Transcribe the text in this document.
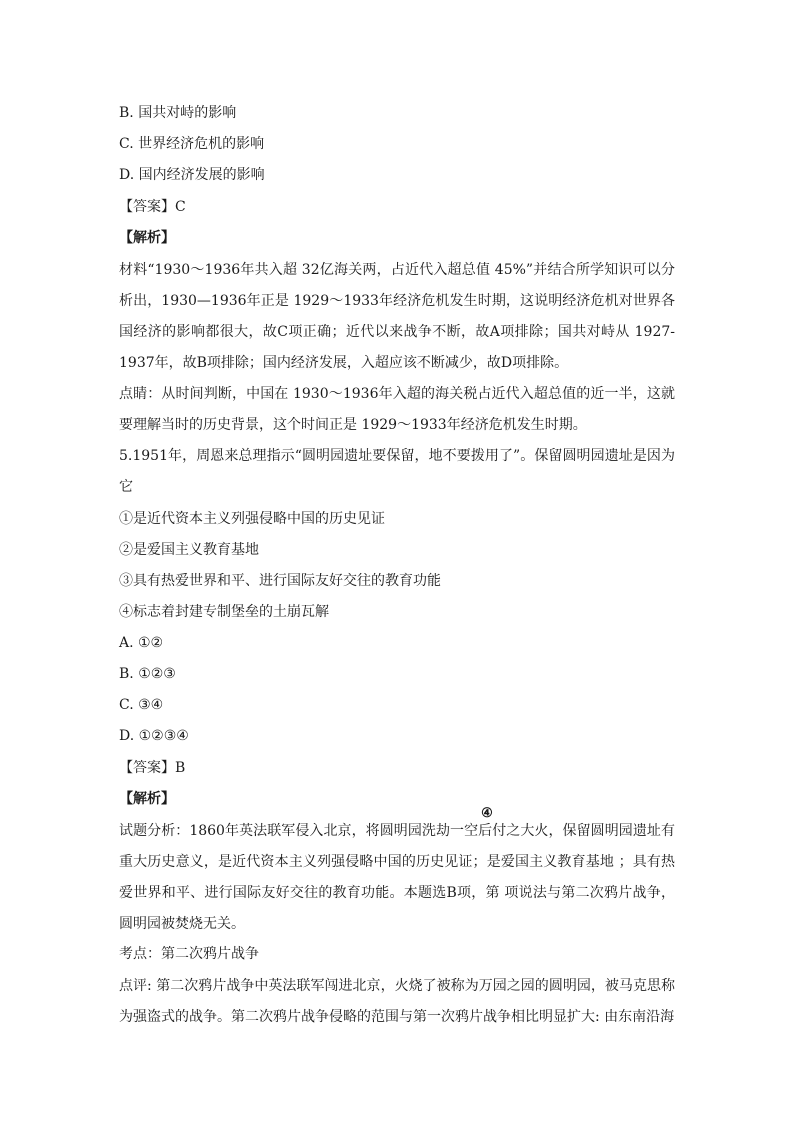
B. 国共对峙的影响
C. 世界经济危机的影响
D. 国内经济发展的影响
【答案】C
【解析】
材料“1930～1936年共入超 32亿海关两，占近代入超总值 45%”并结合所学知识可以分析出，1930—1936年正是 1929～1933年经济危机发生时期，这说明经济危机对世界各国经济的影响都很大，故C项正确；近代以来战争不断，故A项排除；国共对峙从 1927-1937年，故B项排除；国内经济发展，入超应该不断减少，故D项排除。
点睛：从时间判断，中国在 1930～1936年入超的海关税占近代入超总值的近一半，这就要理解当时的历史背景，这个时间正是 1929～1933年经济危机发生时期。
5.1951年，周恩来总理指示“圆明园遗址要保留，地不要拨用了”。保留圆明园遗址是因为它
①是近代资本主义列强侵略中国的历史见证
②是爱国主义教育基地
③具有热爱世界和平、进行国际友好交往的教育功能
④标志着封建专制堡垒的土崩瓦解
A. ①②
B. ①②③
C. ③④
D. ①②③④
【答案】B
【解析】
试题分析：1860年英法联军侵入北京，将圆明园洗劫一空后付之大火，保留圆明园遗址有重大历史意义，是近代资本主义列强侵略中国的历史见证；是爱国主义教育基地 ；具有热爱世界和平、进行国际友好交往的教育功能。本题选B项，第 项说法与第二次鸦片战争，圆明园被焚烧无关。
④
考点：第二次鸦片战争
点评: 第二次鸦片战争中英法联军闯进北京，火烧了被称为万园之园的圆明园，被马克思称为强盗式的战争。第二次鸦片战争侵略的范围与第一次鸦片战争相比明显扩大: 由东南沿海
